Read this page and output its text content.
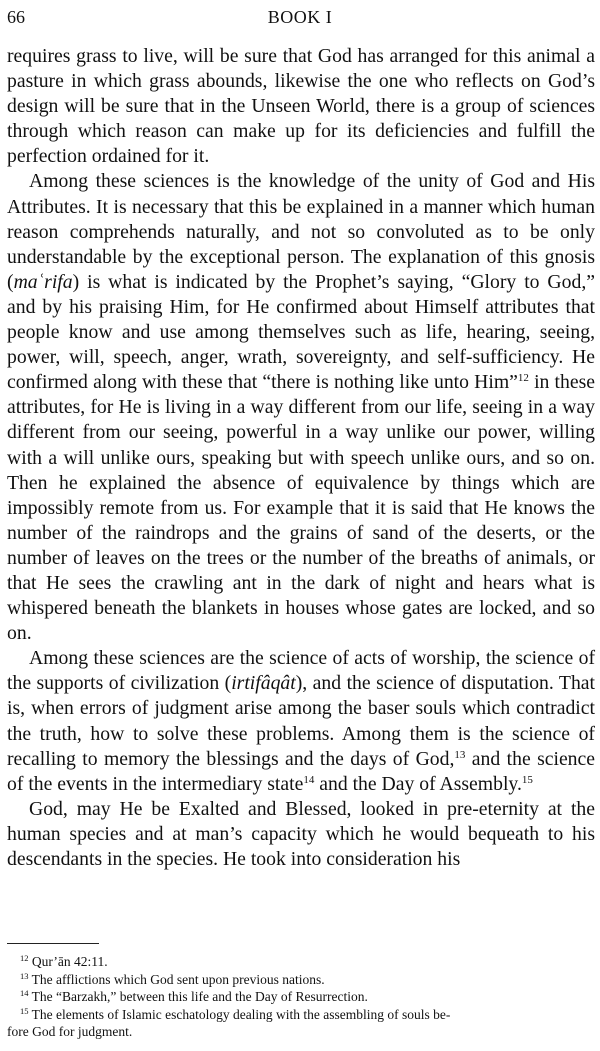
66	BOOK I

requires grass to live, will be sure that God has arranged for this animal a pasture in which grass abounds, likewise the one who reflects on God’s design will be sure that in the Unseen World, there is a group of sciences through which reason can make up for its deficiencies and fulfill the perfection ordained for it.

Among these sciences is the knowledge of the unity of God and His Attributes. It is necessary that this be explained in a manner which human reason comprehends naturally, and not so convoluted as to be only understandable by the exceptional person. The explanation of this gnosis (maʿrifa) is what is indicated by the Prophet’s saying, “Glory to God,” and by his praising Him, for He confirmed about Himself attributes that people know and use among themselves such as life, hearing, seeing, power, will, speech, anger, wrath, sovereignty, and self-sufficiency. He confirmed along with these that “there is nothing like unto Him”$^{12}$ in these attributes, for He is living in a way different from our life, seeing in a way different from our seeing, powerful in a way unlike our power, willing with a will unlike ours, speaking but with speech unlike ours, and so on. Then he explained the absence of equivalence by things which are impossibly remote from us. For example that it is said that He knows the number of the raindrops and the grains of sand of the deserts, or the number of leaves on the trees or the number of the breaths of animals, or that He sees the crawling ant in the dark of night and hears what is whispered beneath the blankets in houses whose gates are locked, and so on.

Among these sciences are the science of acts of worship, the science of the supports of civilization (irtifâqât), and the science of disputation. That is, when errors of judgment arise among the baser souls which contradict the truth, how to solve these problems. Among them is the science of recalling to memory the blessings and the days of God,$^{13}$ and the science of the events in the intermediary state$^{14}$ and the Day of Assembly.$^{15}$

God, may He be Exalted and Blessed, looked in pre-eternity at the human species and at man’s capacity which he would bequeath to his descendants in the species. He took into consideration his

$^{12}$ Qur’ān 42:11.
$^{13}$ The afflictions which God sent upon previous nations.
$^{14}$ The “Barzakh,” between this life and the Day of Resurrection.
$^{15}$ The elements of Islamic eschatology dealing with the assembling of souls be-
fore God for judgment.
